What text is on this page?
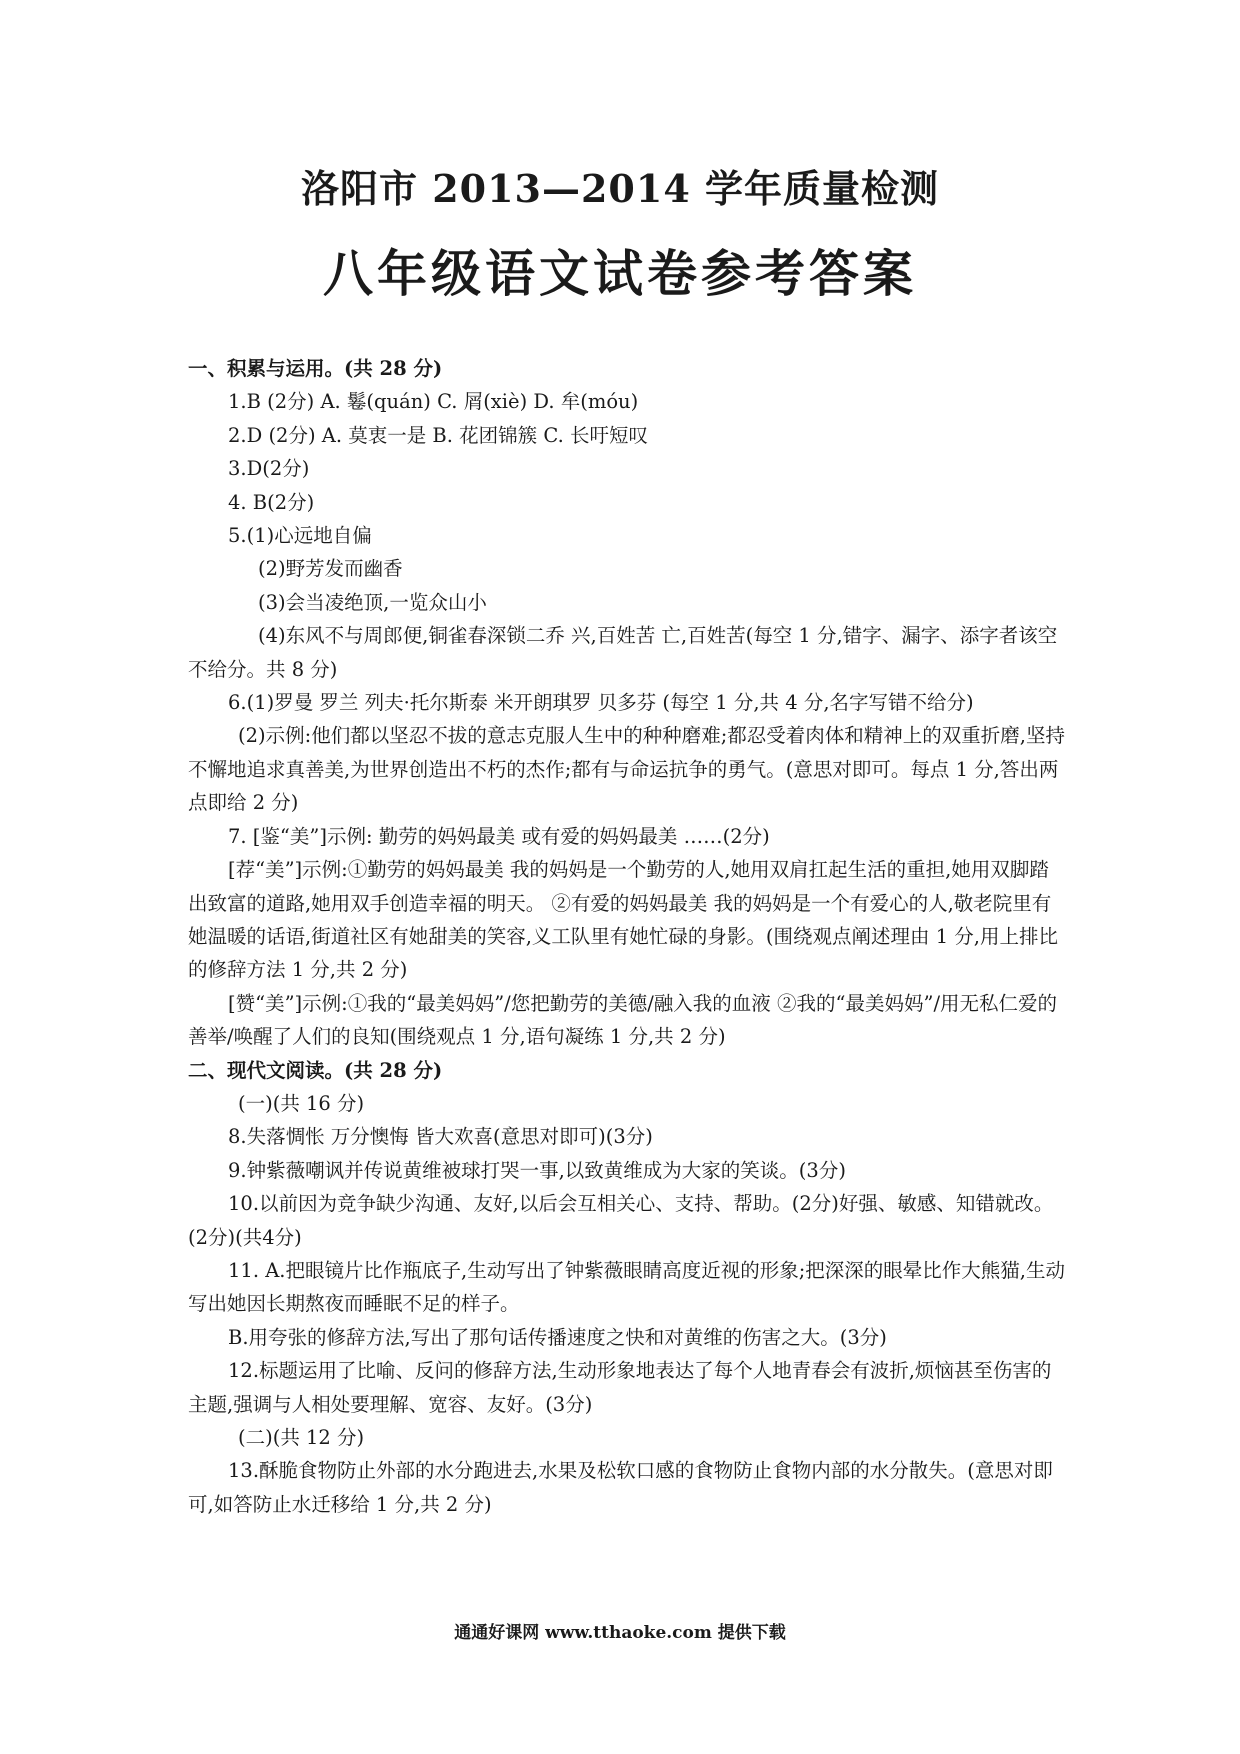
洛阳市 2013—2014 学年质量检测
八年级语文试卷参考答案

一、积累与运用。(共 28 分)

1.B (2分) A. 鬈(quán) C. 屑(xiè) D. 牟(móu)

2.D (2分) A. 莫衷一是 B. 花团锦簇 C. 长吁短叹

3.D(2分)

4. B(2分)

5.(1)心远地自偏

(2)野芳发而幽香

(3)会当凌绝顶,一览众山小

(4)东风不与周郎便,铜雀春深锁二乔 兴,百姓苦 亡,百姓苦(每空 1 分,错字、漏字、添字者该空不给分。共 8 分)

6.(1)罗曼 罗兰 列夫·托尔斯泰 米开朗琪罗 贝多芬 (每空 1 分,共 4 分,名字写错不给分)

(2)示例:他们都以坚忍不拔的意志克服人生中的种种磨难;都忍受着肉体和精神上的双重折磨,坚持不懈地追求真善美,为世界创造出不朽的杰作;都有与命运抗争的勇气。(意思对即可。每点 1 分,答出两点即给 2 分)

7. [鉴“美”]示例: 勤劳的妈妈最美 或有爱的妈妈最美 ……(2分)

[荐“美”]示例:①勤劳的妈妈最美 我的妈妈是一个勤劳的人,她用双肩扛起生活的重担,她用双脚踏出致富的道路,她用双手创造幸福的明天。 ②有爱的妈妈最美 我的妈妈是一个有爱心的人,敬老院里有她温暖的话语,街道社区有她甜美的笑容,义工队里有她忙碌的身影。(围绕观点阐述理由 1 分,用上排比的修辞方法 1 分,共 2 分)

[赞“美”]示例:①我的“最美妈妈”/您把勤劳的美德/融入我的血液 ②我的“最美妈妈”/用无私仁爱的善举/唤醒了人们的良知(围绕观点 1 分,语句凝练 1 分,共 2 分)

二、现代文阅读。(共 28 分)

(一)(共 16 分)

8.失落惆怅 万分懊悔 皆大欢喜(意思对即可)(3分)

9.钟紫薇嘲讽并传说黄维被球打哭一事,以致黄维成为大家的笑谈。(3分)

10.以前因为竞争缺少沟通、友好,以后会互相关心、支持、帮助。(2分)好强、敏感、知错就改。(2分)(共4分)

11. A.把眼镜片比作瓶底子,生动写出了钟紫薇眼睛高度近视的形象;把深深的眼晕比作大熊猫,生动写出她因长期熬夜而睡眠不足的样子。

B.用夸张的修辞方法,写出了那句话传播速度之快和对黄维的伤害之大。(3分)

12.标题运用了比喻、反问的修辞方法,生动形象地表达了每个人地青春会有波折,烦恼甚至伤害的主题,强调与人相处要理解、宽容、友好。(3分)

(二)(共 12 分)

13.酥脆食物防止外部的水分跑进去,水果及松软口感的食物防止食物内部的水分散失。(意思对即可,如答防止水迁移给 1 分,共 2 分)

通通好课网 www.tthaoke.com 提供下载
